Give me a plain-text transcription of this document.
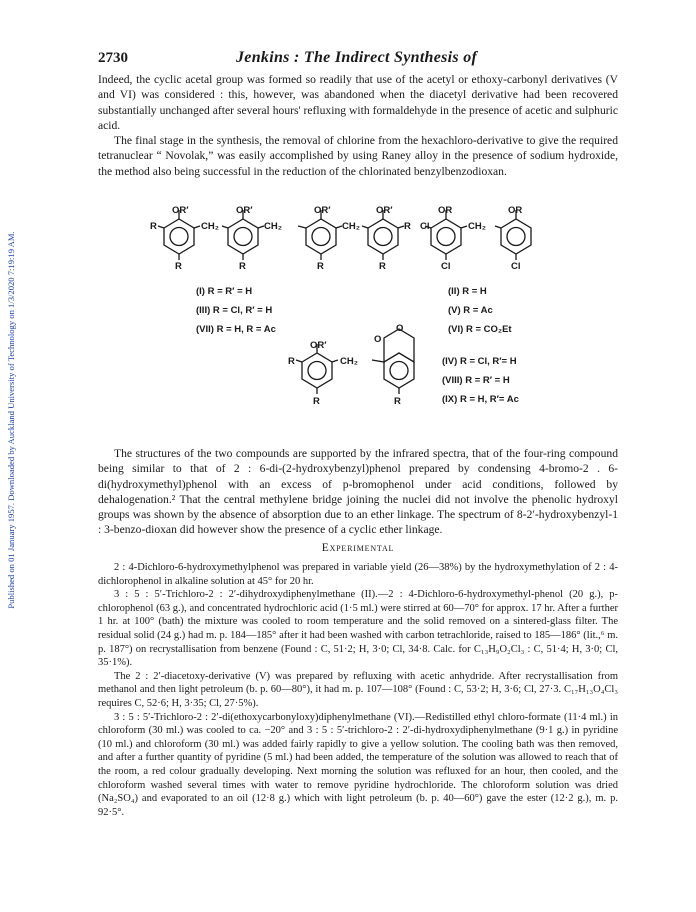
Published on 01 January 1957. Downloaded by Auckland University of Technology on 1/3/2020 7:19:19 AM.
2730	Jenkins : The Indirect Synthesis of

Indeed, the cyclic acetal group was formed so readily that use of the acetyl or ethoxy-carbonyl derivatives (V and VI) was considered : this, however, was abandoned when the diacetyl derivative had been recovered substantially unchanged after several hours' refluxing with formaldehyde in the presence of acetic and sulphuric acid.

The final stage in the synthesis, the removal of chlorine from the hexachloro-derivative to give the required tetranuclear “ Novolak,” was easily accomplished by using Raney alloy in the presence of sodium hydroxide, the method also being successful in the reduction of the chlorinated benzylbenzodioxan.

OR′	OR′	OR′	OR′	OR	OR
R	CH₂	CH₂	CH₂	R Cl	CH₂
R	R	R	R	Cl	Cl
(I) R = R′ = H
(III) R = Cl, R′ = H
(VII) R = H, R = Ac
(II) R = H
(V) R = Ac
(VI) R = CO₂Et
O
O
OR′
R	CH₂
R	R
(IV) R = Cl, R′= H
(VIII) R = R′ = H
(IX) R = H, R′= Ac
The structures of the two compounds are supported by the infrared spectra, that of the four-ring compound being similar to that of 2 : 6-di-(2-hydroxybenzyl)phenol prepared by condensing 4-bromo-2 . 6-di(hydroxymethyl)phenol with an excess of p-bromophenol under acid conditions, followed by dehalogenation.² That the central methylene bridge joining the nuclei did not involve the phenolic hydroxyl groups was shown by the absence of absorption due to an ether linkage. The spectrum of 8-2′-hydroxybenzyl-1 : 3-benzo-dioxan did however show the presence of a cyclic ether linkage.
Experimental

2 : 4-Dichloro-6-hydroxymethylphenol was prepared in variable yield (26—38%) by the hydroxymethylation of 2 : 4-dichlorophenol in alkaline solution at 45° for 20 hr.

3 : 5 : 5′-Trichloro-2 : 2′-dihydroxydiphenylmethane (II).—2 : 4-Dichloro-6-hydroxymethyl-phenol (20 g.), p-chlorophenol (63 g.), and concentrated hydrochloric acid (1·5 ml.) were stirred at 60—70° for approx. 17 hr. After a further 1 hr. at 100° (bath) the mixture was cooled to room temperature and the solid removed on a sintered-glass filter. The residual solid (24 g.) had m. p. 184—185° after it had been washed with carbon tetrachloride, raised to 185—186° (lit.,⁶ m. p. 187°) on recrystallisation from benzene (Found : C, 51·2; H, 3·0; Cl, 34·8. Calc. for C₁₃H₉O₂Cl₃ : C, 51·4; H, 3·0; Cl, 35·1%).

The 2 : 2′-diacetoxy-derivative (V) was prepared by refluxing with acetic anhydride. After recrystallisation from methanol and then light petroleum (b. p. 60—80°), it had m. p. 107—108° (Found : C, 53·2; H, 3·6; Cl, 27·3. C₁₇H₁₃O₄Cl₃ requires C, 52·6; H, 3·35; Cl, 27·5%).

3 : 5 : 5′-Trichloro-2 : 2′-di(ethoxycarbonyloxy)diphenylmethane (VI).—Redistilled ethyl chloro-formate (11·4 ml.) in chloroform (30 ml.) was cooled to ca. −20° and 3 : 5 : 5′-trichloro-2 : 2′-di-hydroxydiphenylmethane (9·1 g.) in pyridine (10 ml.) and chloroform (30 ml.) was added fairly rapidly to give a yellow solution. The cooling bath was then removed, and after a further quantity of pyridine (5 ml.) had been added, the temperature of the solution was allowed to reach that of the room, a red colour gradually developing. Next morning the solution was refluxed for an hour, then cooled, and the chloroform washed several times with water to remove pyridine hydrochloride. The chloroform solution was dried (Na₂SO₄) and evaporated to an oil (12·8 g.) which with light petroleum (b. p. 40—60°) gave the ester (12·2 g.), m. p. 92·5°.
